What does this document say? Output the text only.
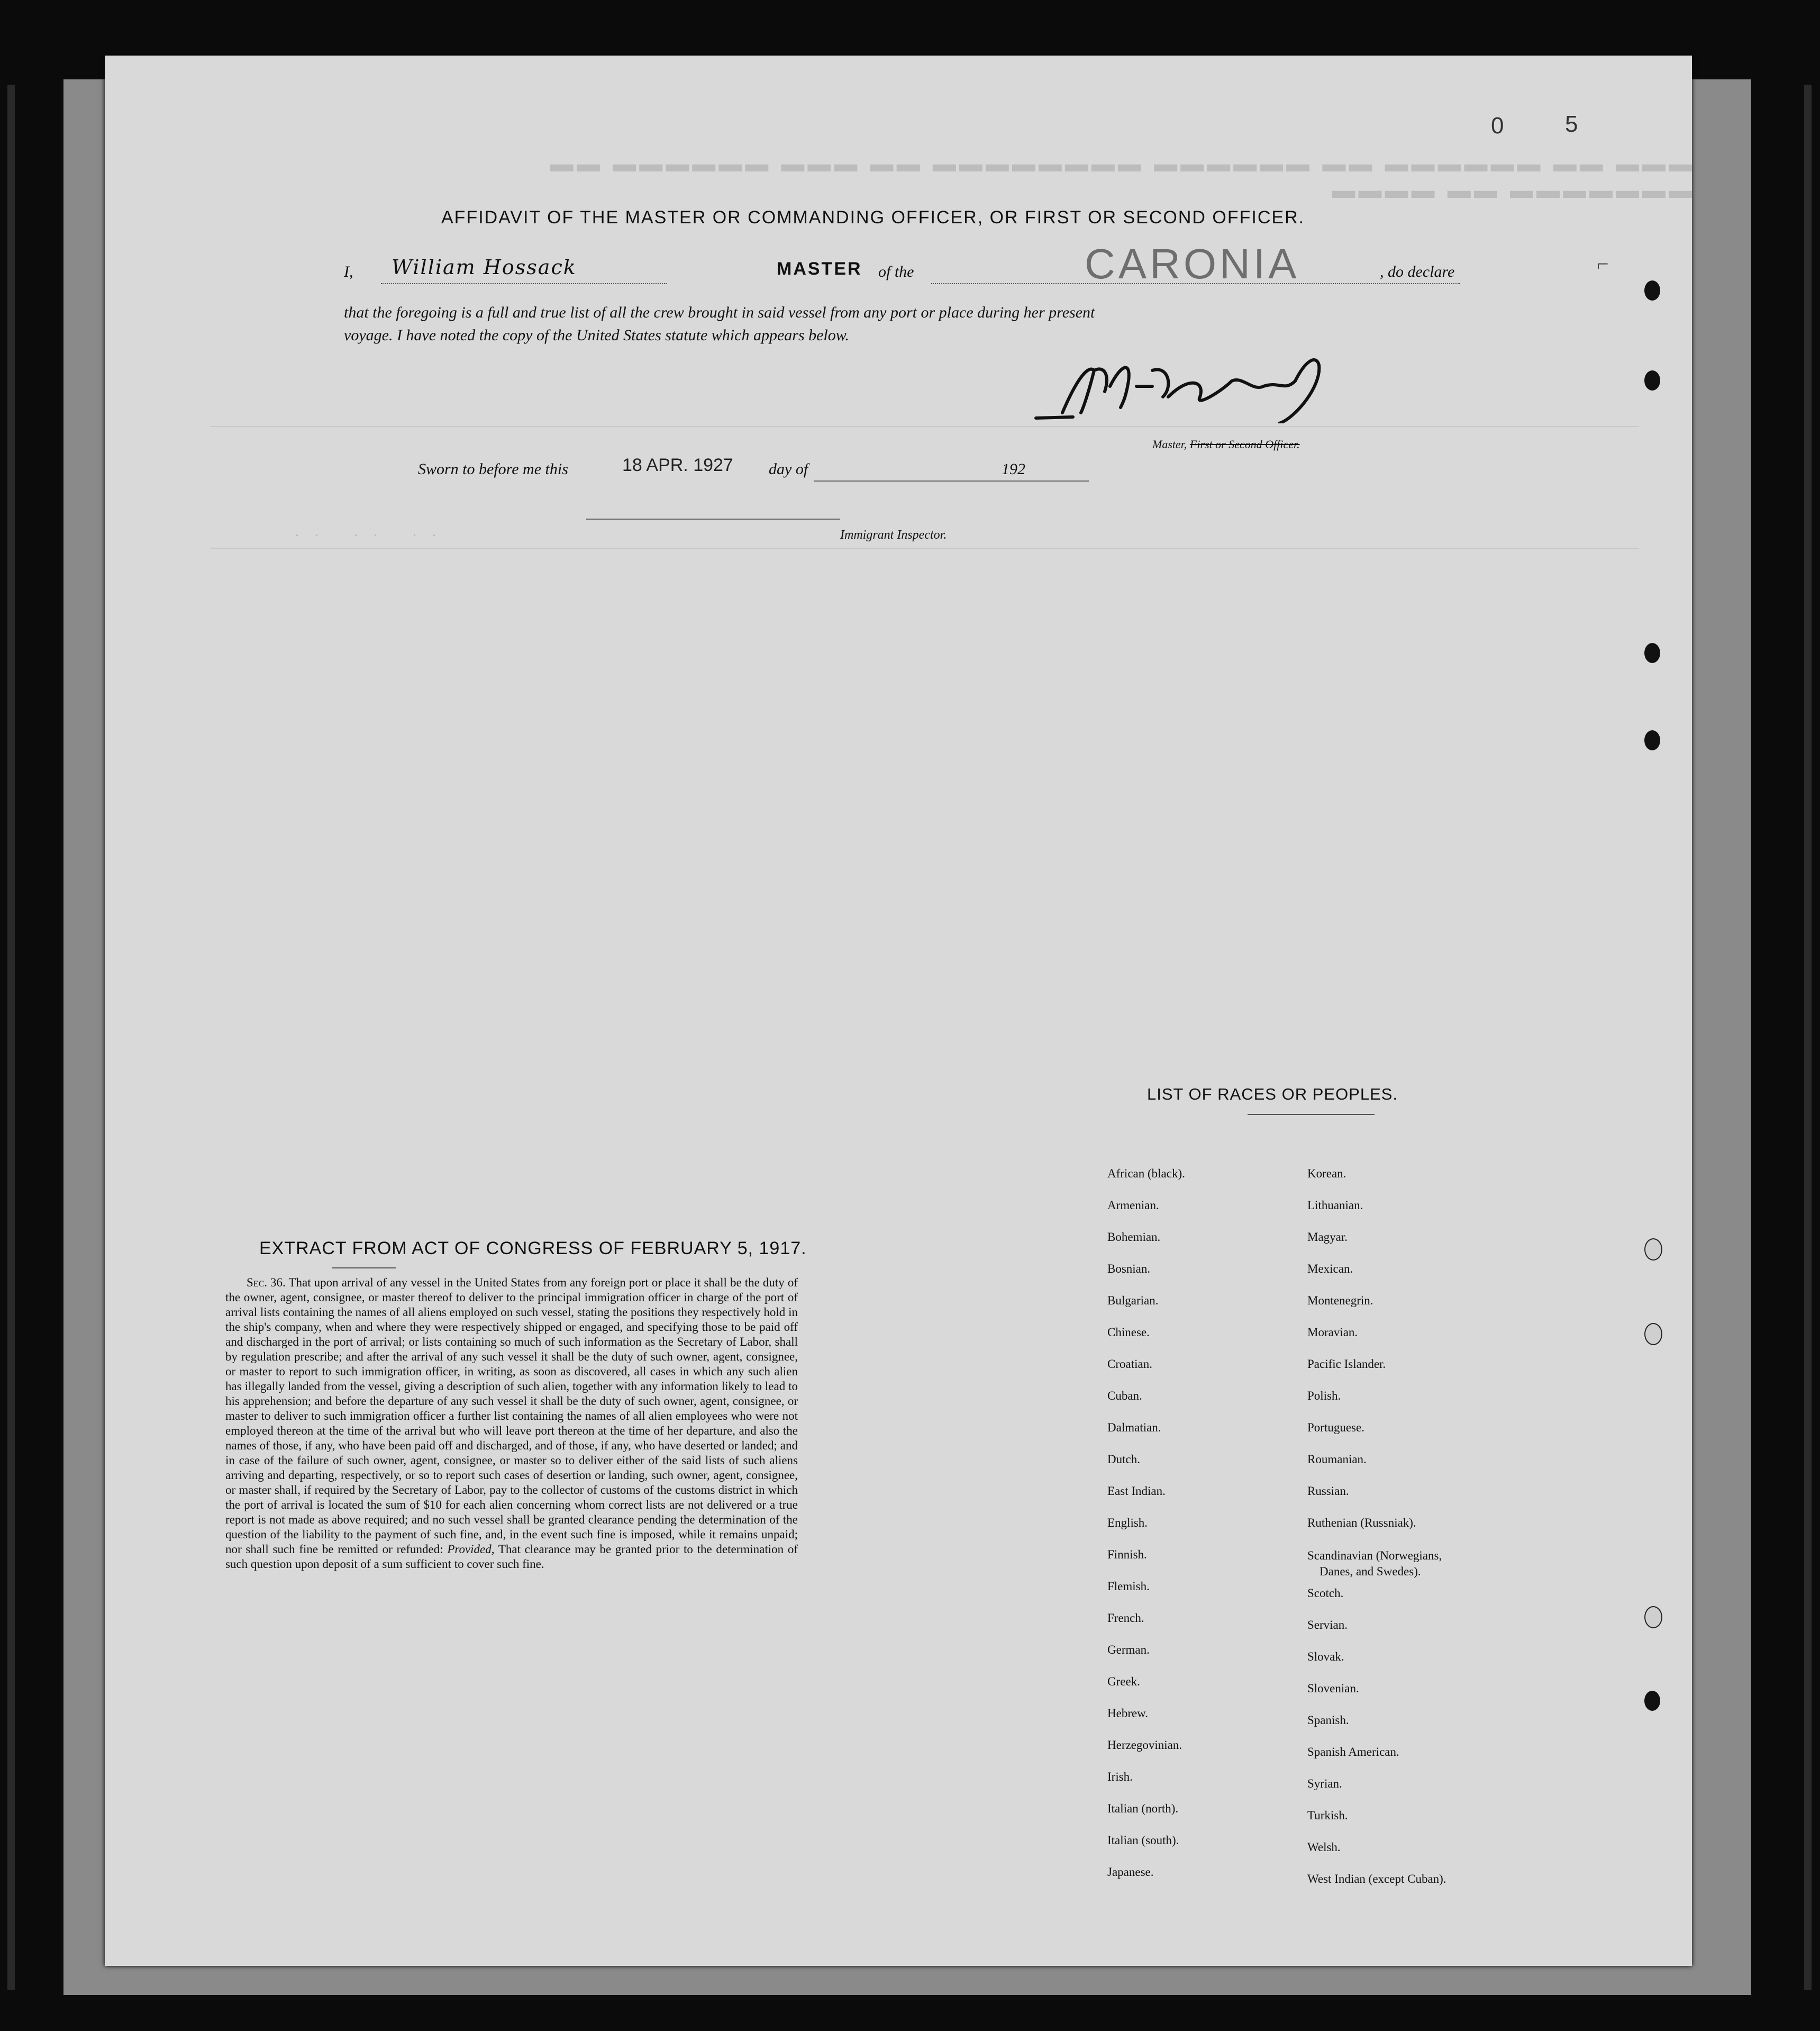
▬▬▬ ▬▬ ▬▬▬▬▬▬ ▬▬ ▬▬▬▬▬▬ ▬▬▬▬▬▬▬▬ ▬▬ ▬▬▬ ▬▬▬▬▬▬ ▬▬ ▬▬▬▬▬▬▬ ▬▬ ▬▬▬▬
.. .. ..
AFFIDAVIT OF THE MASTER OR COMMANDING OFFICER, OR FIRST OR SECOND OFFICER.
I, William Hossack	MASTER of the	CARONIA	, do declare
that the foregoing is a full and true list of all the crew brought in said vessel from any port or place during her present
voyage. I have noted the copy of the United States statute which appears below.
Master, First or Second Officer.
Sworn to before me this	18 APR. 1927 day of	192
Immigrant Inspector.
LIST OF RACES OR PEOPLES.
African (black).
Armenian.
Bohemian.
Bosnian.
Bulgarian.
Chinese.
Croatian.
Cuban.
Dalmatian.
Dutch.
East Indian.
English.
Finnish.
Flemish.
French.
German.
Greek.
Hebrew.
Herzegovinian.
Irish.
Italian (north).
Italian (south).
Japanese.
Korean.
Lithuanian.
Magyar.
Mexican.
Montenegrin.
Moravian.
Pacific Islander.
Polish.
Portuguese.
Roumanian.
Russian.
Ruthenian (Russniak).
Scandinavian (Norwegians,
Danes, and Swedes).
Scotch.
Servian.
Slovak.
Slovenian.
Spanish.
Spanish American.
Syrian.
Turkish.
Welsh.
West Indian (except Cuban).
EXTRACT FROM ACT OF CONGRESS OF FEBRUARY 5, 1917.
Sec. 36. That upon arrival of any vessel in the United States from any foreign port or place it shall be the duty of the owner, agent, consignee, or master thereof to deliver to the principal immigration officer in charge of the port of arrival lists containing the names of all aliens employed on such vessel, stating the positions they respectively hold in the ship's company, when and where they were respectively shipped or engaged, and specifying those to be paid off and discharged in the port of arrival; or lists containing so much of such information as the Secretary of Labor, shall by regulation prescribe; and after the arrival of any such vessel it shall be the duty of such owner, agent, consignee, or master to report to such immigration officer, in writing, as soon as discovered, all cases in which any such alien has illegally landed from the vessel, giving a description of such alien, together with any information likely to lead to his apprehension; and before the departure of any such vessel it shall be the duty of such owner, agent, consignee, or master to deliver to such immigration officer a further list containing the names of all alien employees who were not employed thereon at the time of the arrival but who will leave port thereon at the time of her departure, and also the names of those, if any, who have been paid off and discharged, and of those, if any, who have deserted or landed; and in case of the failure of such owner, agent, consignee, or master so to deliver either of the said lists of such aliens arriving and departing, respectively, or so to report such cases of desertion or landing, such owner, agent, consignee, or master shall, if required by the Secretary of Labor, pay to the collector of customs of the customs district in which the port of arrival is located the sum of $10 for each alien concerning whom correct lists are not delivered or a true report is not made as above required; and no such vessel shall be granted clearance pending the determination of the question of the liability to the payment of such fine, and, in the event such fine is imposed, while it remains unpaid; nor shall such fine be remitted or refunded: Provided, That clearance may be granted prior to the determination of such question upon deposit of a sum sufficient to cover such fine.
0	5
⌐
